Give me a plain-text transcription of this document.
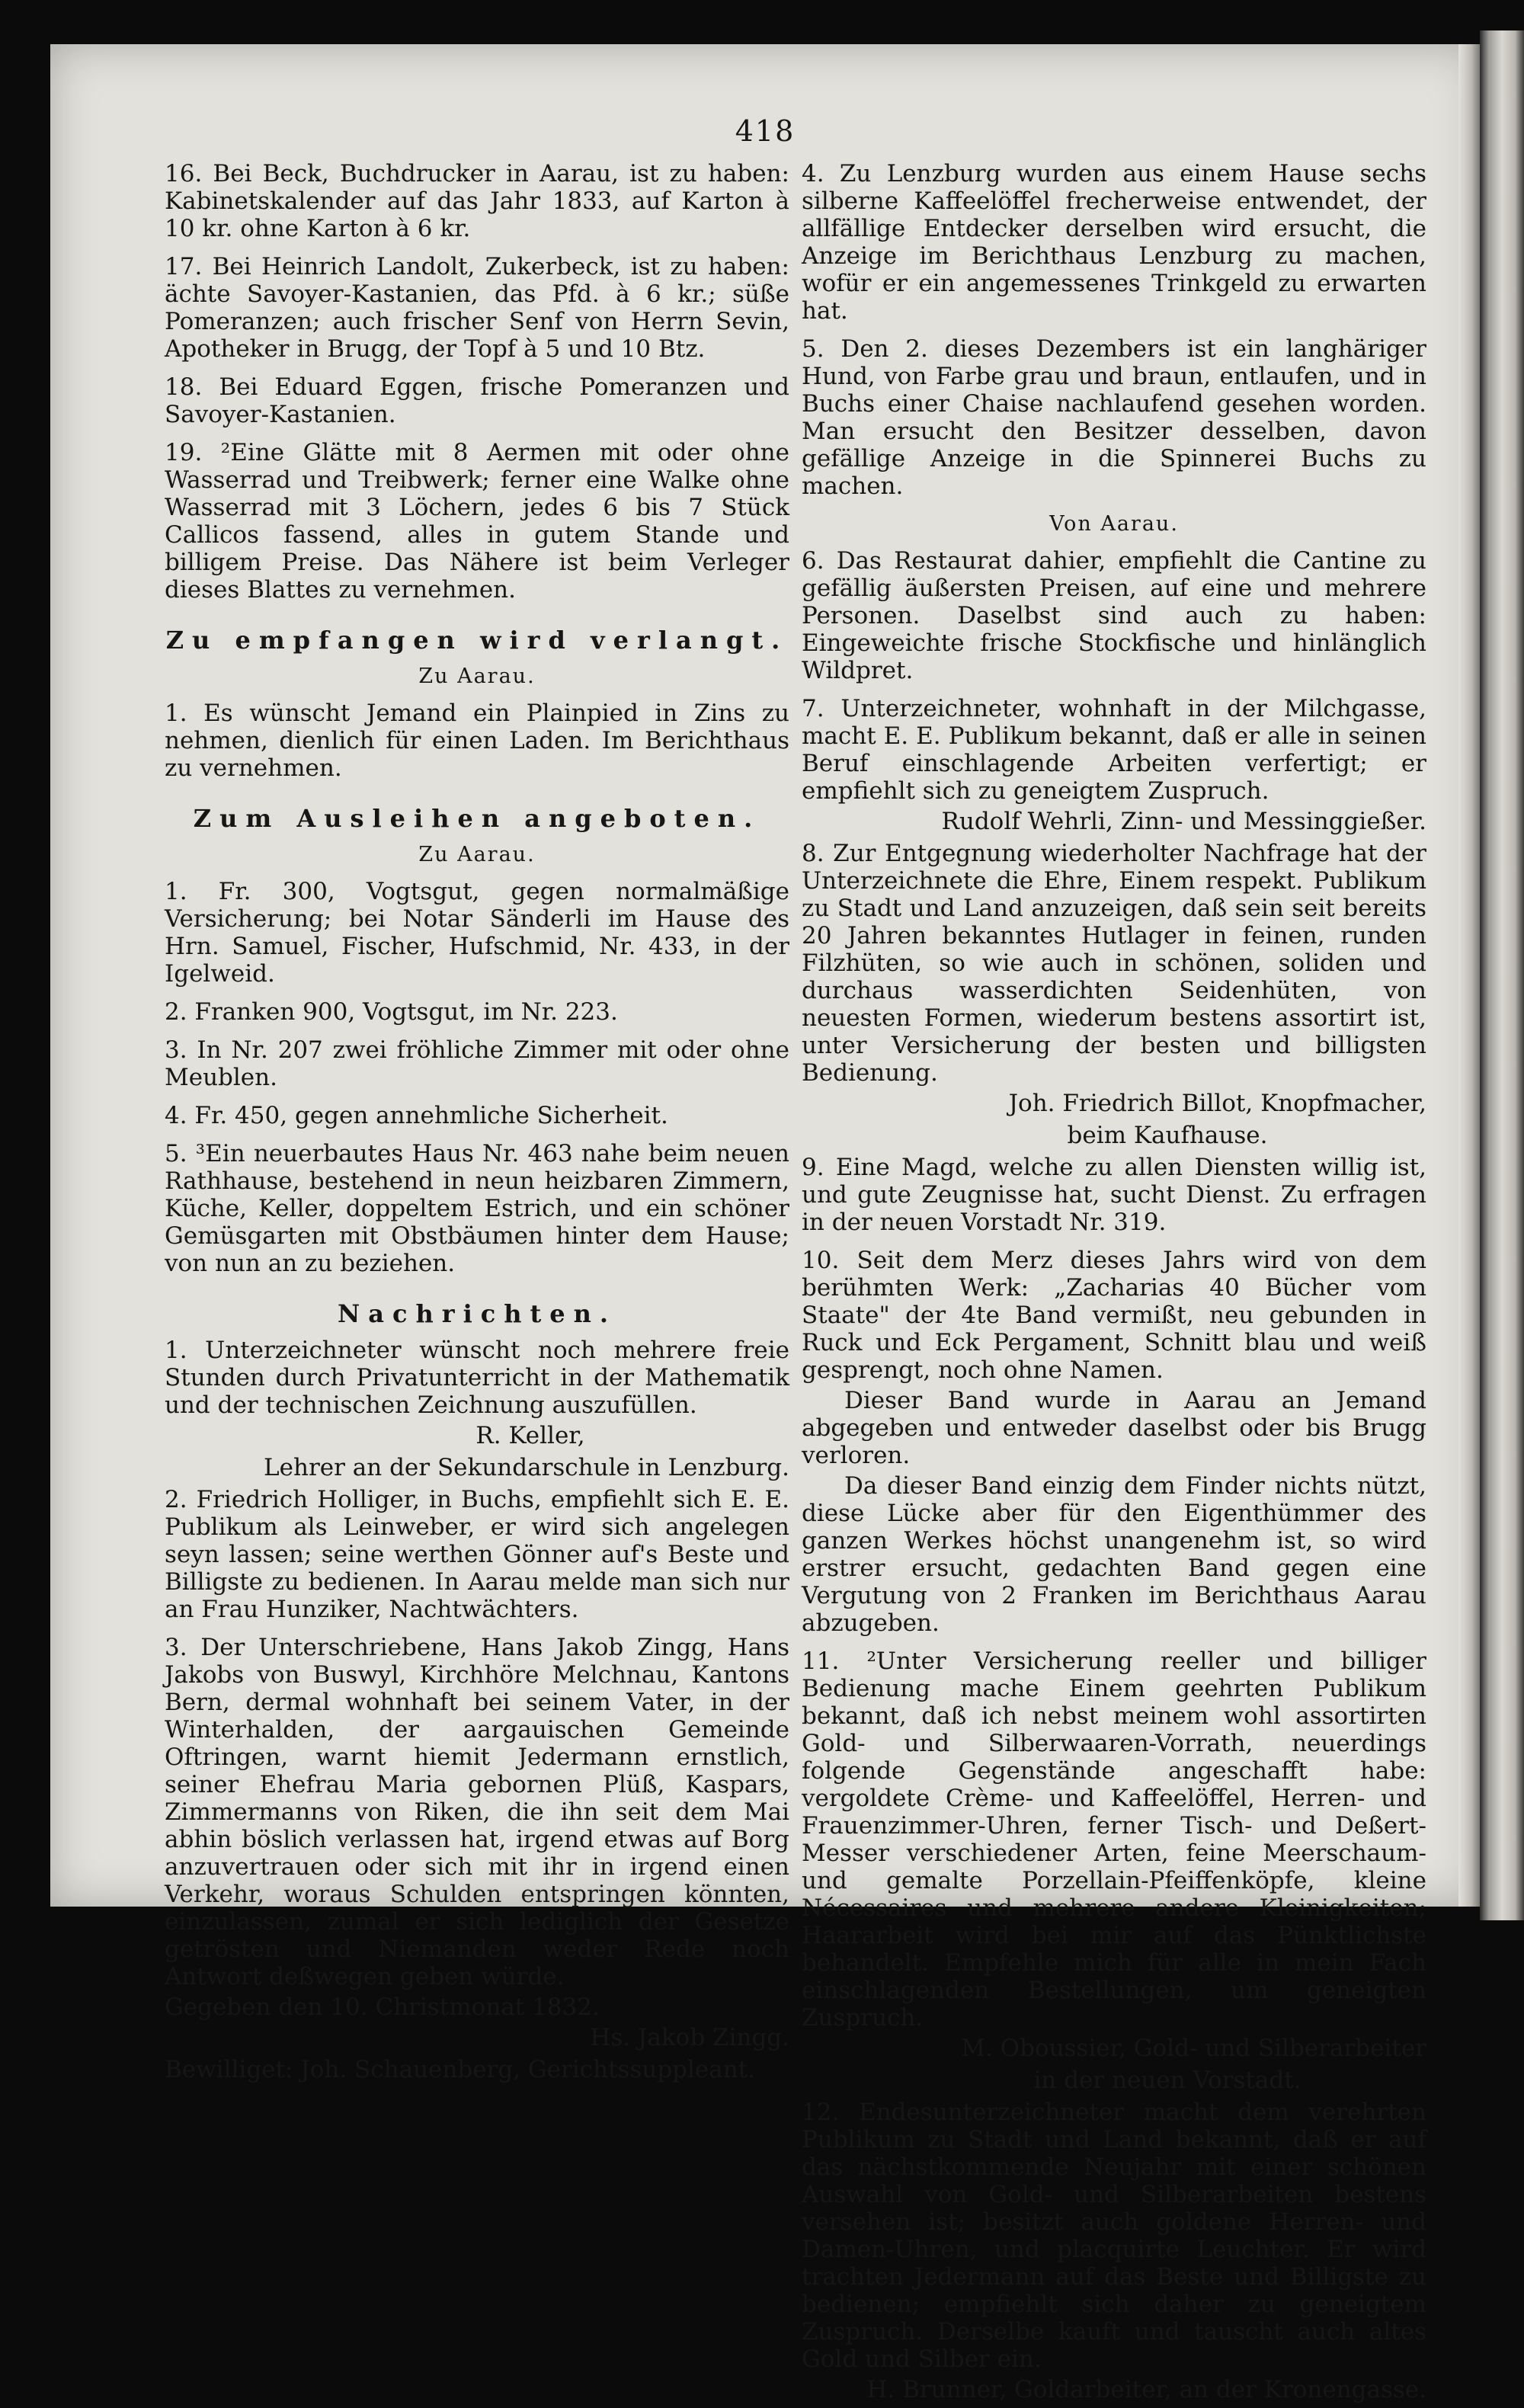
418

16. Bei Beck, Buchdrucker in Aarau, ist zu haben: Kabinetskalender auf das Jahr 1833, auf Karton à 10 kr. ohne Karton à 6 kr.

17. Bei Heinrich Landolt, Zukerbeck, ist zu haben: ächte Savoyer-Kastanien, das Pfd. à 6 kr.; süße Pomeranzen; auch frischer Senf von Herrn Sevin, Apotheker in Brugg, der Topf à 5 und 10 Btz.

18. Bei Eduard Eggen, frische Pomeranzen und Savoyer-Kastanien.

19. ²Eine Glätte mit 8 Aermen mit oder ohne Wasserrad und Treibwerk; ferner eine Walke ohne Wasserrad mit 3 Löchern, jedes 6 bis 7 Stück Callicos fassend, alles in gutem Stande und billigem Preise. Das Nähere ist beim Verleger dieses Blattes zu vernehmen.

Zu empfangen wird verlangt.
Zu Aarau.

1. Es wünscht Jemand ein Plainpied in Zins zu nehmen, dienlich für einen Laden. Im Berichthaus zu vernehmen.

Zum Ausleihen angeboten.
Zu Aarau.

1. Fr. 300, Vogtsgut, gegen normalmäßige Versicherung; bei Notar Sänderli im Hause des Hrn. Samuel, Fischer, Hufschmid, Nr. 433, in der Igelweid.

2. Franken 900, Vogtsgut, im Nr. 223.

3. In Nr. 207 zwei fröhliche Zimmer mit oder ohne Meublen.

4. Fr. 450, gegen annehmliche Sicherheit.

5. ³Ein neuerbautes Haus Nr. 463 nahe beim neuen Rathhause, bestehend in neun heizbaren Zimmern, Küche, Keller, doppeltem Estrich, und ein schöner Gemüsgarten mit Obstbäumen hinter dem Hause; von nun an zu beziehen.

Nachrichten.

1. Unterzeichneter wünscht noch mehrere freie Stunden durch Privatunterricht in der Mathematik und der technischen Zeichnung auszufüllen.

R. Keller,
Lehrer an der Sekundarschule in Lenzburg.

2. Friedrich Holliger, in Buchs, empfiehlt sich E. E. Publikum als Leinweber, er wird sich angelegen seyn lassen; seine werthen Gönner auf's Beste und Billigste zu bedienen. In Aarau melde man sich nur an Frau Hunziker, Nachtwächters.

3. Der Unterschriebene, Hans Jakob Zingg, Hans Jakobs von Buswyl, Kirchhöre Melchnau, Kantons Bern, dermal wohnhaft bei seinem Vater, in der Winterhalden, der aargauischen Gemeinde Oftringen, warnt hiemit Jedermann ernstlich, seiner Ehefrau Maria gebornen Plüß, Kaspars, Zimmermanns von Riken, die ihn seit dem Mai abhin böslich verlassen hat, irgend etwas auf Borg anzuvertrauen oder sich mit ihr in irgend einen Verkehr, woraus Schulden entspringen könnten, einzulassen, zumal er sich lediglich der Gesetze getrösten und Niemanden weder Rede noch Antwort deßwegen geben würde.

Gegeben den 10. Christmonat 1832.
Hs. Jakob Zingg.
Bewilliget: Joh. Schauenberg, Gerichtssuppleant.

4. Zu Lenzburg wurden aus einem Hause sechs silberne Kaffeelöffel frecherweise entwendet, der allfällige Entdecker derselben wird ersucht, die Anzeige im Berichthaus Lenzburg zu machen, wofür er ein angemessenes Trinkgeld zu erwarten hat.

5. Den 2. dieses Dezembers ist ein langhäriger Hund, von Farbe grau und braun, entlaufen, und in Buchs einer Chaise nachlaufend gesehen worden. Man ersucht den Besitzer desselben, davon gefällige Anzeige in die Spinnerei Buchs zu machen.

Von Aarau.

6. Das Restaurat dahier, empfiehlt die Cantine zu gefällig äußersten Preisen, auf eine und mehrere Personen. Daselbst sind auch zu haben: Eingeweichte frische Stockfische und hinlänglich Wildpret.

7. Unterzeichneter, wohnhaft in der Milchgasse, macht E. E. Publikum bekannt, daß er alle in seinen Beruf einschlagende Arbeiten verfertigt; er empfiehlt sich zu geneigtem Zuspruch.

Rudolf Wehrli, Zinn- und Messinggießer.

8. Zur Entgegnung wiederholter Nachfrage hat der Unterzeichnete die Ehre, Einem respekt. Publikum zu Stadt und Land anzuzeigen, daß sein seit bereits 20 Jahren bekanntes Hutlager in feinen, runden Filzhüten, so wie auch in schönen, soliden und durchaus wasserdichten Seidenhüten, von neuesten Formen, wiederum bestens assortirt ist, unter Versicherung der besten und billigsten Bedienung.

Joh. Friedrich Billot, Knopfmacher,
beim Kaufhause.

9. Eine Magd, welche zu allen Diensten willig ist, und gute Zeugnisse hat, sucht Dienst. Zu erfragen in der neuen Vorstadt Nr. 319.

10. Seit dem Merz dieses Jahrs wird von dem berühmten Werk: „Zacharias 40 Bücher vom Staate" der 4te Band vermißt, neu gebunden in Ruck und Eck Pergament, Schnitt blau und weiß gesprengt, noch ohne Namen.

Dieser Band wurde in Aarau an Jemand abgegeben und entweder daselbst oder bis Brugg verloren.

Da dieser Band einzig dem Finder nichts nützt, diese Lücke aber für den Eigenthümmer des ganzen Werkes höchst unangenehm ist, so wird erstrer ersucht, gedachten Band gegen eine Vergutung von 2 Franken im Berichthaus Aarau abzugeben.

11. ²Unter Versicherung reeller und billiger Bedienung mache Einem geehrten Publikum bekannt, daß ich nebst meinem wohl assortirten Gold- und Silberwaaren-Vorrath, neuerdings folgende Gegenstände angeschafft habe: vergoldete Crème- und Kaffeelöffel, Herren- und Frauenzimmer-Uhren, ferner Tisch- und Deßert-Messer verschiedener Arten, feine Meerschaum- und gemalte Porzellain-Pfeiffenköpfe, kleine Nécessaires und mehrere andere Kleinigkeiten; Haararbeit wird bei mir auf das Pünktlichste behandelt. Empfehle mich für alle in mein Fach einschlagenden Bestellungen, um geneigten Zuspruch.

M. Oboussier, Gold- und Silberarbeiter
in der neuen Vorstadt.

12. Endesunterzeichneter macht dem verehrten Publikum zu Stadt und Land bekannt, daß er auf das nächstkommende Neujahr mit einer schönen Auswahl von Gold- und Silberarbeiten bestens versehen ist; besitzt auch goldene Herren- und Damen-Uhren, und placquirte Leuchter. Er wird trachten Jedermann auf das Beste und Billigste zu bedienen; empfiehlt sich daher zu geneigtem Zuspruch. Derselbe kauft und tauscht auch altes Gold und Silber ein.

H. Brunner, Goldarbeiter, an der Kronengasse.
